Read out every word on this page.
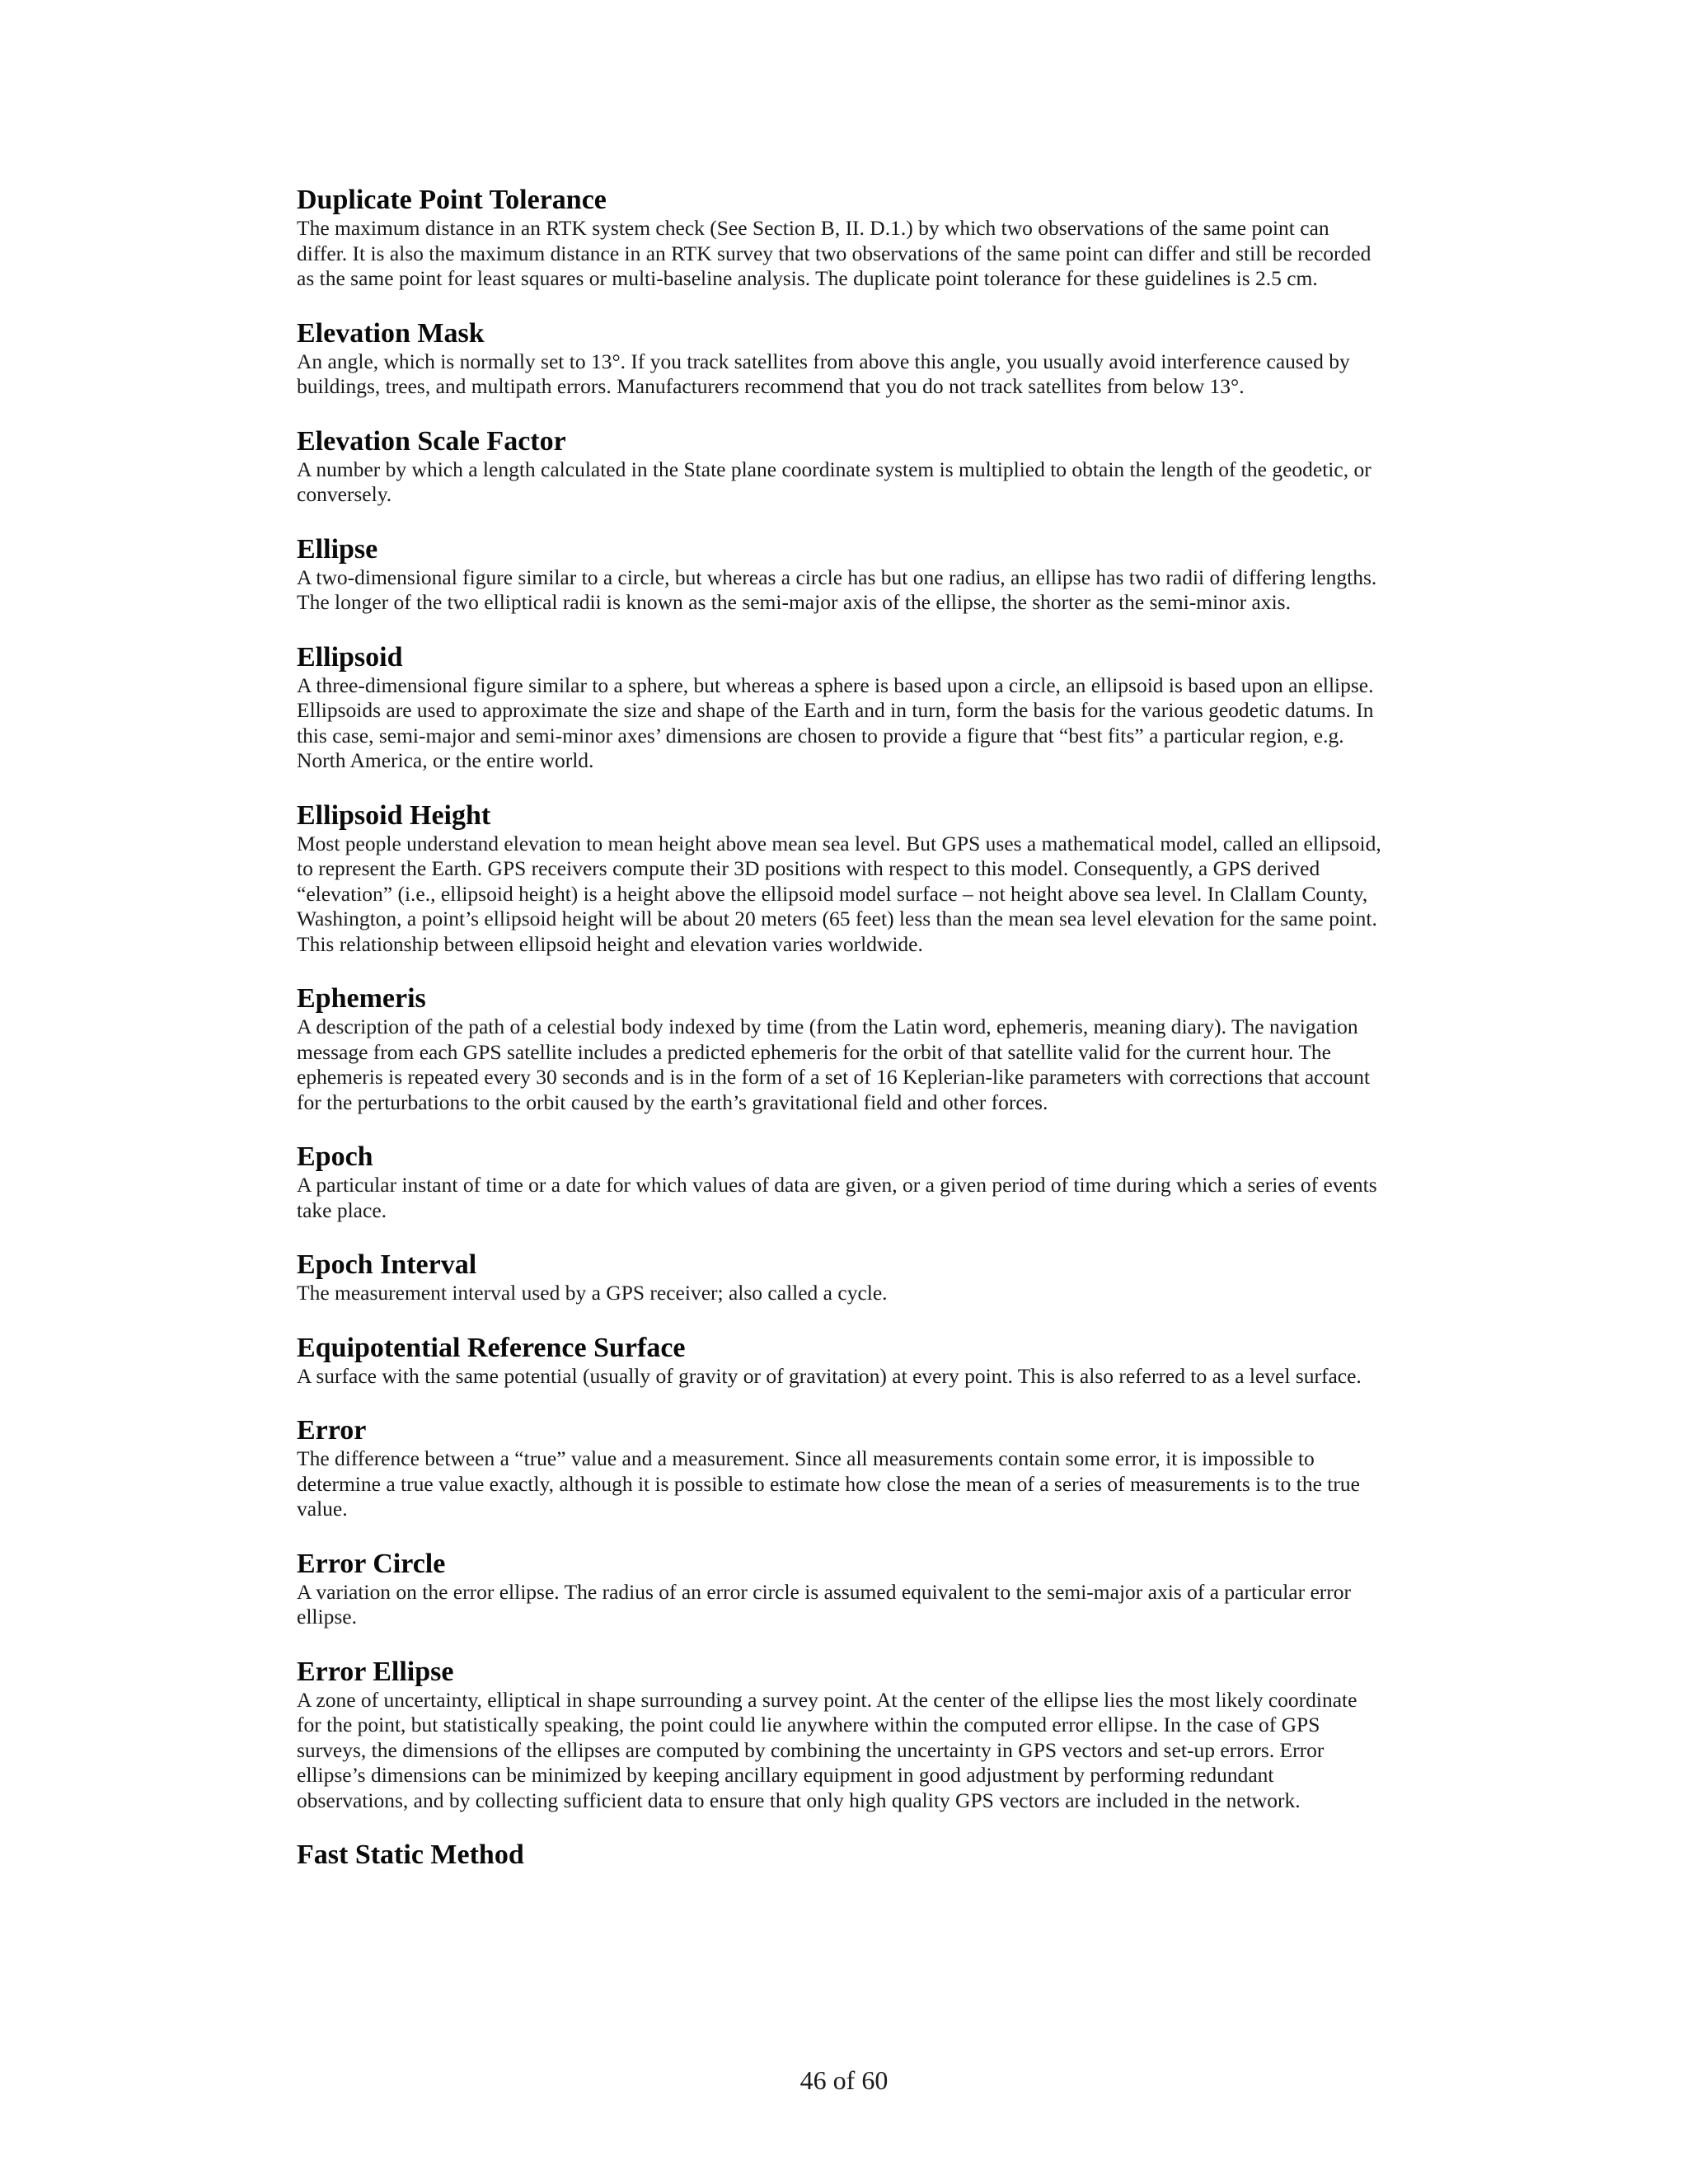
Duplicate Point Tolerance

The maximum distance in an RTK system check (See Section B, II. D.1.) by which two observations of the same point can differ. It is also the maximum distance in an RTK survey that two observations of the same point can differ and still be recorded as the same point for least squares or multi-baseline analysis. The duplicate point tolerance for these guidelines is 2.5 cm.

Elevation Mask

An angle, which is normally set to 13°. If you track satellites from above this angle, you usually avoid interference caused by buildings, trees, and multipath errors. Manufacturers recommend that you do not track satellites from below 13°.

Elevation Scale Factor

A number by which a length calculated in the State plane coordinate system is multiplied to obtain the length of the geodetic, or conversely.

Ellipse

A two-dimensional figure similar to a circle, but whereas a circle has but one radius, an ellipse has two radii of differing lengths. The longer of the two elliptical radii is known as the semi-major axis of the ellipse, the shorter as the semi-minor axis.

Ellipsoid

A three-dimensional figure similar to a sphere, but whereas a sphere is based upon a circle, an ellipsoid is based upon an ellipse. Ellipsoids are used to approximate the size and shape of the Earth and in turn, form the basis for the various geodetic datums. In this case, semi-major and semi-minor axes’ dimensions are chosen to provide a figure that “best fits” a particular region, e.g. North America, or the entire world.

Ellipsoid Height

Most people understand elevation to mean height above mean sea level. But GPS uses a mathematical model, called an ellipsoid, to represent the Earth. GPS receivers compute their 3D positions with respect to this model. Consequently, a GPS derived “elevation” (i.e., ellipsoid height) is a height above the ellipsoid model surface – not height above sea level. In Clallam County, Washington, a point’s ellipsoid height will be about 20 meters (65 feet) less than the mean sea level elevation for the same point. This relationship between ellipsoid height and elevation varies worldwide.

Ephemeris

A description of the path of a celestial body indexed by time (from the Latin word, ephemeris, meaning diary). The navigation message from each GPS satellite includes a predicted ephemeris for the orbit of that satellite valid for the current hour. The ephemeris is repeated every 30 seconds and is in the form of a set of 16 Keplerian-like parameters with corrections that account for the perturbations to the orbit caused by the earth’s gravitational field and other forces.

Epoch

A particular instant of time or a date for which values of data are given, or a given period of time during which a series of events take place.

Epoch Interval

The measurement interval used by a GPS receiver; also called a cycle.

Equipotential Reference Surface

A surface with the same potential (usually of gravity or of gravitation) at every point. This is also referred to as a level surface.

Error

The difference between a “true” value and a measurement. Since all measurements contain some error, it is impossible to determine a true value exactly, although it is possible to estimate how close the mean of a series of measurements is to the true value.

Error Circle

A variation on the error ellipse. The radius of an error circle is assumed equivalent to the semi-major axis of a particular error ellipse.

Error Ellipse

A zone of uncertainty, elliptical in shape surrounding a survey point. At the center of the ellipse lies the most likely coordinate for the point, but statistically speaking, the point could lie anywhere within the computed error ellipse. In the case of GPS surveys, the dimensions of the ellipses are computed by combining the uncertainty in GPS vectors and set-up errors. Error ellipse’s dimensions can be minimized by keeping ancillary equipment in good adjustment by performing redundant observations, and by collecting sufficient data to ensure that only high quality GPS vectors are included in the network.

Fast Static Method

46 of 60
